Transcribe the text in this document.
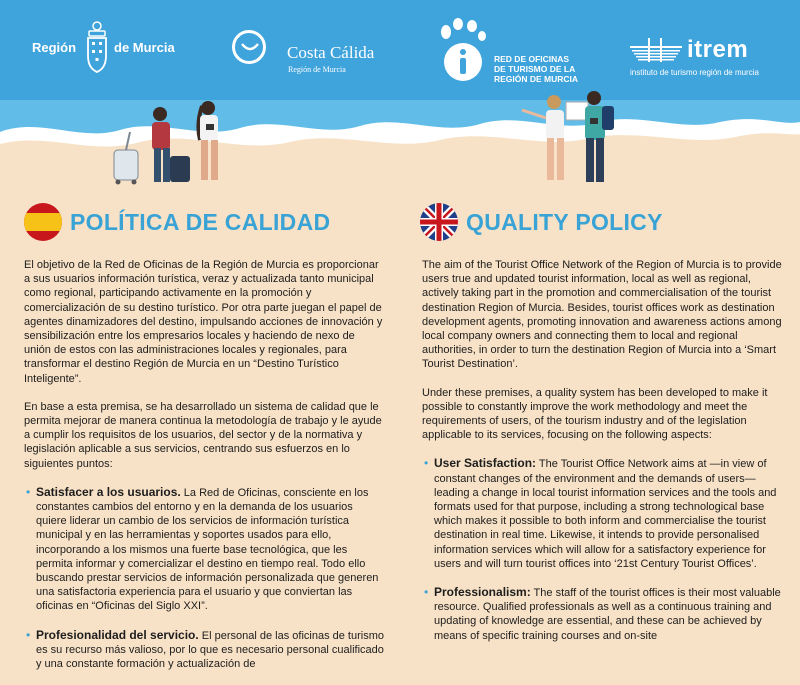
Región	de Murcia	Costa Cálida
Región de Murcia
RED DE OFICINAS
DE TURISMO DE LA
REGIÓN DE MURCIA
itrem
instituto de turismo región de murcia
POLÍTICA DE CALIDAD

El objetivo de la Red de Oficinas de la Región de Murcia es proporcionar a sus usuarios información turística, veraz y actualizada tanto municipal como regional, participando activamente en la promoción y comercialización de su destino turístico. Por otra parte juegan el papel de agentes dinamizadores del destino, impulsando acciones de innovación y sensibilización entre los empresarios locales y haciendo de nexo de unión de estos con las administraciones locales y regionales, para transformar el destino Región de Murcia en un “Destino Turístico Inteligente”.

En base a esta premisa, se ha desarrollado un sistema de calidad que le permita mejorar de manera continua la metodología de trabajo y le ayude a cumplir los requisitos de los usuarios, del sector y de la normativa y legislación aplicable a sus servicios, centrando sus esfuerzos en lo siguientes puntos:

• Satisfacer a los usuarios. La Red de Oficinas, consciente en los constantes cambios del entorno y en la demanda de los usuarios quiere liderar un cambio de los servicios de información turística municipal y en las herramientas y soportes usados para ello, incorporando a los mismos una fuerte base tecnológica, que les permita informar y comercializar el destino en tiempo real. Todo ello buscando prestar servicios de información personalizada que generen una satisfactoria experiencia para el usuario y que conviertan las oficinas en “Oficinas del Siglo XXI”.
• Profesionalidad del servicio. El personal de las oficinas de turismo es su recurso más valioso, por lo que es necesario personal cualificado y una constante formación y actualización de
QUALITY POLICY

The aim of the Tourist Office Network of the Region of Murcia is to provide users true and updated tourist information, local as well as regional, actively taking part in the promotion and commercialisation of the tourist destination Region of Murcia. Besides, tourist offices work as destination development agents, promoting innovation and awareness actions among local company owners and connecting them to local and regional authorities, in order to turn the destination Region of Murcia into a ‘Smart Tourist Destination’.

Under these premises, a quality system has been developed to make it possible to constantly improve the work methodology and meet the requirements of users, of the tourism industry and of the legislation applicable to its services, focusing on the following aspects:

• User Satisfaction: The Tourist Office Network aims at —in view of constant changes of the environment and the demands of users— leading a change in local tourist information services and the tools and formats used for that purpose, including a strong technological base which makes it possible to both inform and commercialise the tourist destination in real time. Likewise, it intends to provide personalised information services which will allow for a satisfactory experience for users and will turn tourist offices into ‘21st Century Tourist Offices’.
• Professionalism: The staff of the tourist offices is their most valuable resource. Qualified professionals as well as a continuous training and updating of knowledge are essential, and these can be achieved by means of specific training courses and on-site
